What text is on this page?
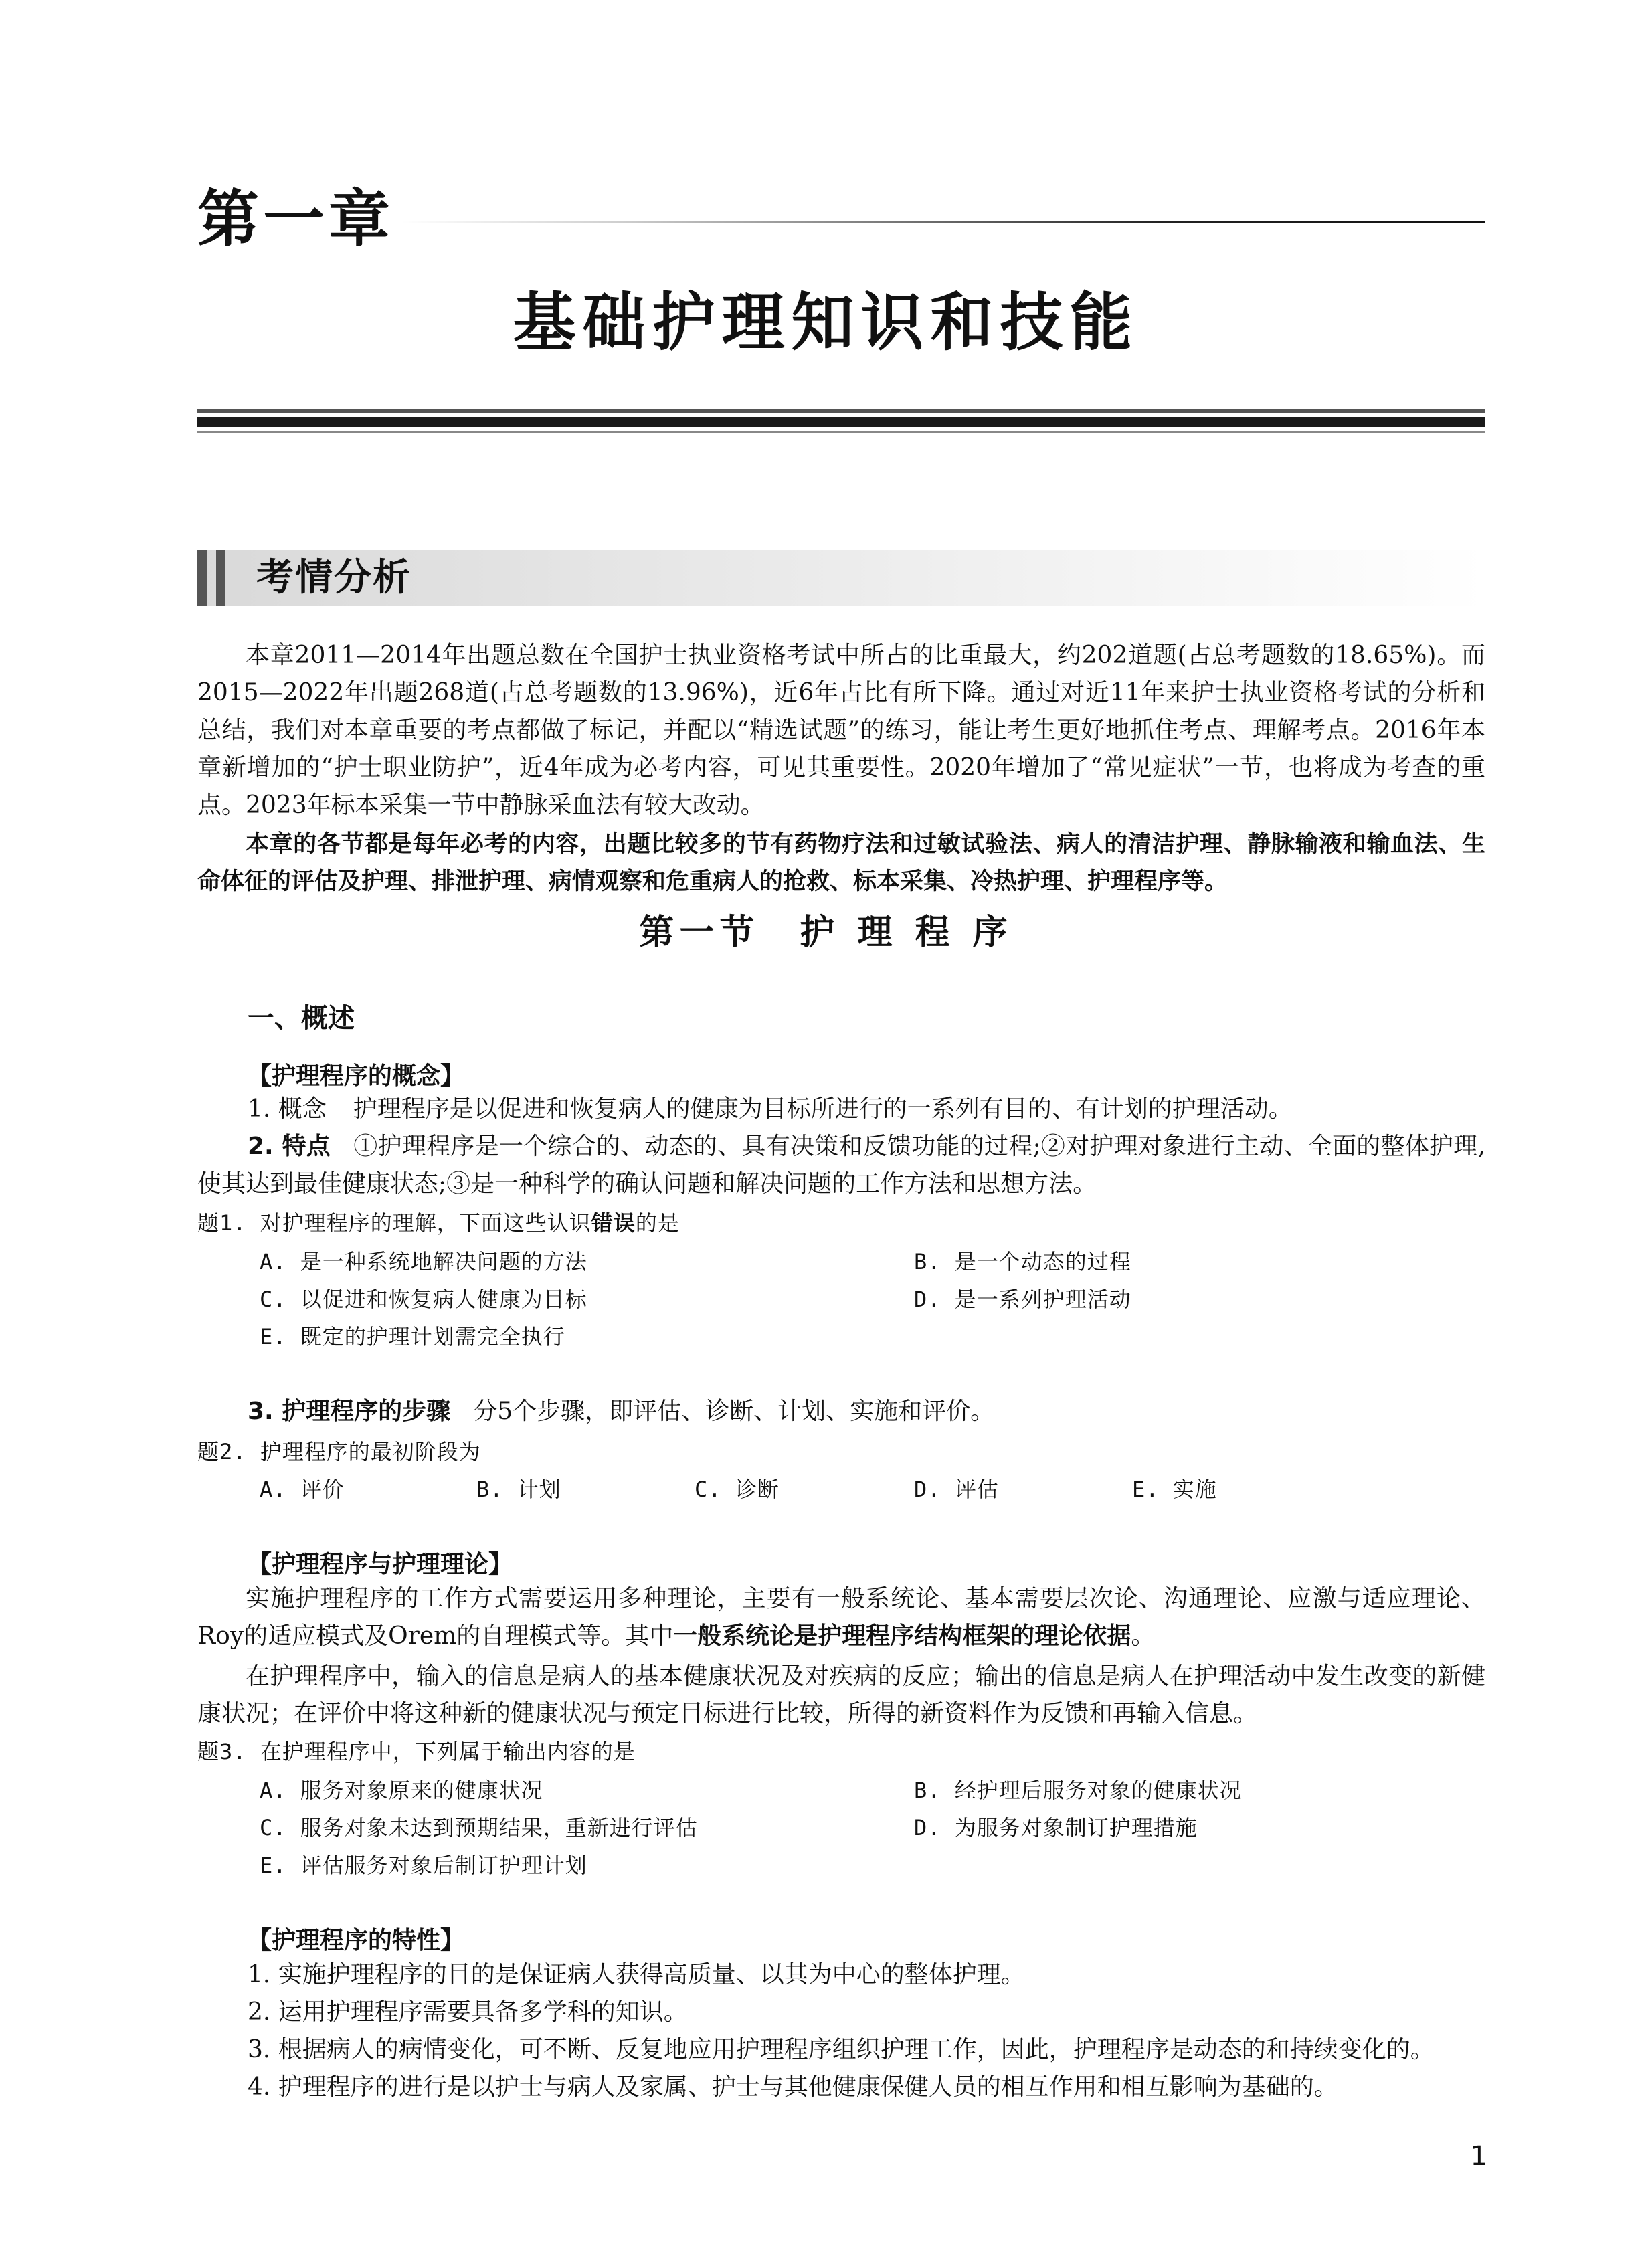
第一章
基础护理知识和技能
考情分析

本章2011—2014年出题总数在全国护士执业资格考试中所占的比重最大，约202道题(占总考题数的18.65%)。而2015—2022年出题268道(占总考题数的13.96%)，近6年占比有所下降。通过对近11年来护士执业资格考试的分析和总结，我们对本章重要的考点都做了标记，并配以“精选试题”的练习，能让考生更好地抓住考点、理解考点。2016年本章新增加的“护士职业防护”，近4年成为必考内容，可见其重要性。2020年增加了“常见症状”一节，也将成为考查的重点。2023年标本采集一节中静脉采血法有较大改动。

本章的各节都是每年必考的内容，出题比较多的节有药物疗法和过敏试验法、病人的清洁护理、静脉输液和输血法、生命体征的评估及护理、排泄护理、病情观察和危重病人的抢救、标本采集、冷热护理、护理程序等。

第一节　护 理 程 序
一、概述
【护理程序的概念】
1. 概念 护理程序是以促进和恢复病人的健康为目标所进行的一系列有目的、有计划的护理活动。

2. 特点 ①护理程序是一个综合的、动态的、具有决策和反馈功能的过程;②对护理对象进行主动、全面的整体护理,使其达到最佳健康状态;③是一种科学的确认问题和解决问题的工作方法和思想方法。

题1. 对护理程序的理解，下面这些认识错误的是
A. 是一种系统地解决问题的方法	B. 是一个动态的过程
C. 以促进和恢复病人健康为目标	D. 是一系列护理活动
E. 既定的护理计划需完全执行
3. 护理程序的步骤 分5个步骤，即评估、诊断、计划、实施和评价。
题2. 护理程序的最初阶段为
A. 评价	B. 计划	C. 诊断	D. 评估	E. 实施
【护理程序与护理理论】

实施护理程序的工作方式需要运用多种理论，主要有一般系统论、基本需要层次论、沟通理论、应激与适应理论、Roy的适应模式及Orem的自理模式等。其中一般系统论是护理程序结构框架的理论依据。

在护理程序中，输入的信息是病人的基本健康状况及对疾病的反应；输出的信息是病人在护理活动中发生改变的新健康状况；在评价中将这种新的健康状况与预定目标进行比较，所得的新资料作为反馈和再输入信息。

题3. 在护理程序中，下列属于输出内容的是
A. 服务对象原来的健康状况	B. 经护理后服务对象的健康状况
C. 服务对象未达到预期结果，重新进行评估	D. 为服务对象制订护理措施
E. 评估服务对象后制订护理计划
【护理程序的特性】
1. 实施护理程序的目的是保证病人获得高质量、以其为中心的整体护理。
2. 运用护理程序需要具备多学科的知识。
3. 根据病人的病情变化，可不断、反复地应用护理程序组织护理工作，因此，护理程序是动态的和持续变化的。
4. 护理程序的进行是以护士与病人及家属、护士与其他健康保健人员的相互作用和相互影响为基础的。
1
